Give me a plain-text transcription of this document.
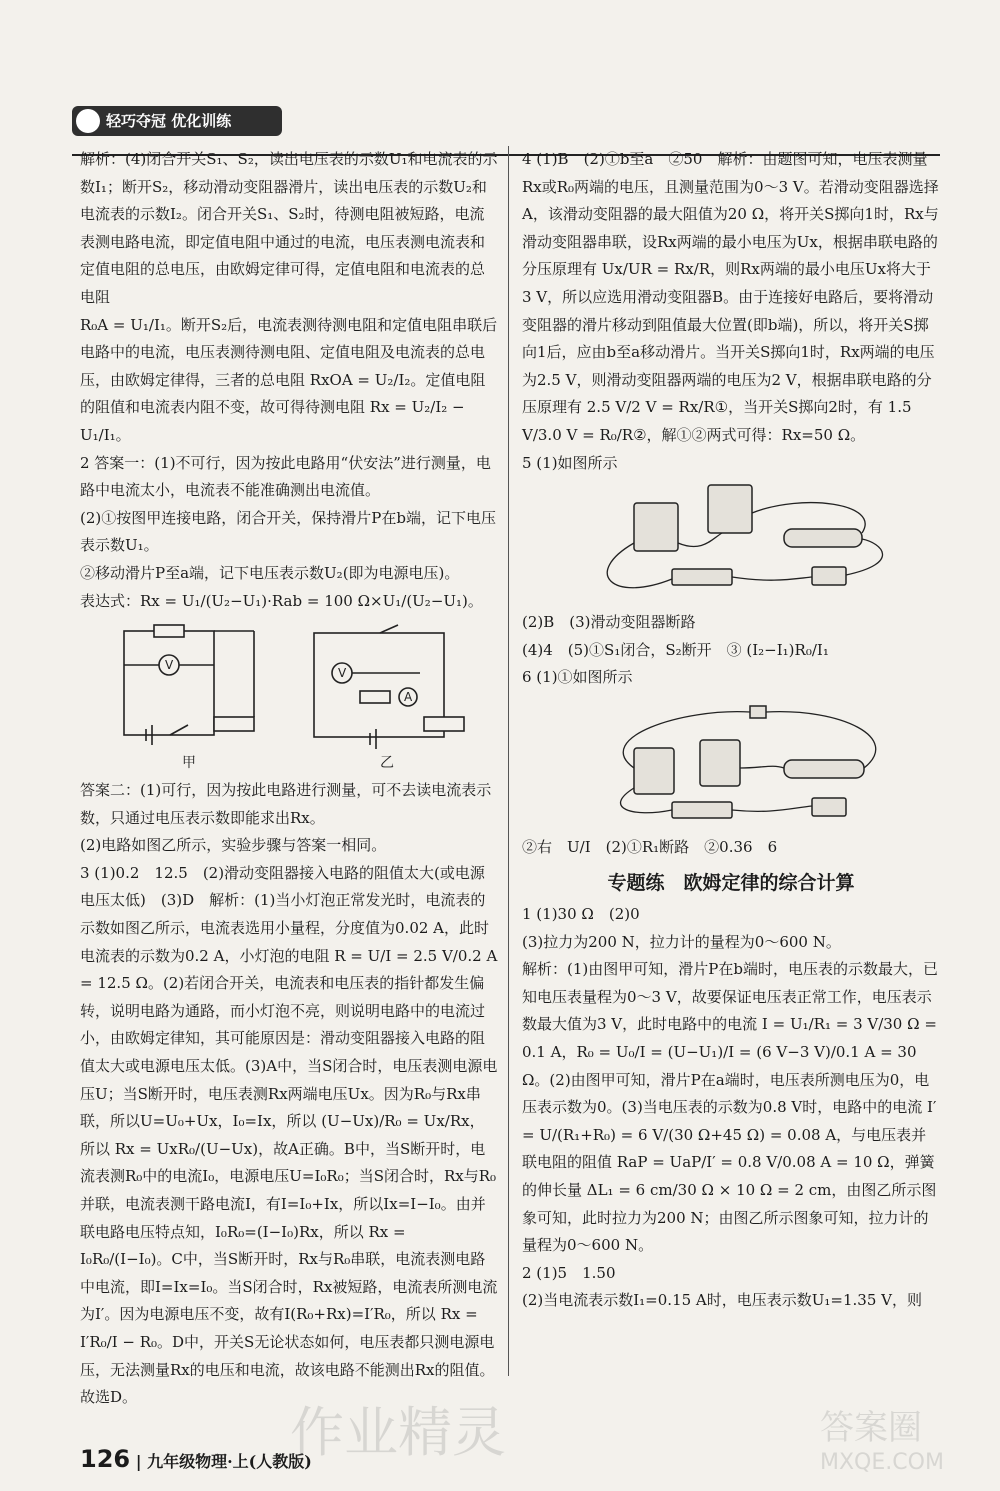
轻巧夺冠 优化训练

解析：(4)闭合开关S₁、S₂，读出电压表的示数U₁和电流表的示数I₁；断开S₂，移动滑动变阻器滑片，读出电压表的示数U₂和电流表的示数I₂。闭合开关S₁、S₂时，待测电阻被短路，电流表测电路电流，即定值电阻中通过的电流，电压表测电流表和定值电阻的总电压，由欧姆定律可得，定值电阻和电流表的总电阻

R₀A = U₁/I₁。断开S₂后，电流表测待测电阻和定值电阻串联后电路中的电流，电压表测待测电阻、定值电阻及电流表的总电压，由欧姆定律得，三者的总电阻 RxOA = U₂/I₂。定值电阻的阻值和电流表内阻不变，故可得待测电阻 Rx = U₂/I₂ − U₁/I₁。

2 答案一：(1)不可行，因为按此电路用“伏安法”进行测量，电路中电流太小，电流表不能准确测出电流值。

(2)①按图甲连接电路，闭合开关，保持滑片P在b端，记下电压表示数U₁。

②移动滑片P至a端，记下电压表示数U₂(即为电源电压)。

表达式：Rx = U₁/(U₂−U₁)·Rab = 100 Ω×U₁/(U₂−U₁)。

V
V
A
甲	乙

答案二：(1)可行，因为按此电路进行测量，可不去读电流表示数，只通过电压表示数即能求出Rx。

(2)电路如图乙所示，实验步骤与答案一相同。

3 (1)0.2　12.5　(2)滑动变阻器接入电路的阻值太大(或电源电压太低)　(3)D　解析：(1)当小灯泡正常发光时，电流表的示数如图乙所示，电流表选用小量程，分度值为0.02 A，此时电流表的示数为0.2 A，小灯泡的电阻 R = U/I = 2.5 V/0.2 A = 12.5 Ω。(2)若闭合开关，电流表和电压表的指针都发生偏转，说明电路为通路，而小灯泡不亮，则说明电路中的电流过小，由欧姆定律知，其可能原因是：滑动变阻器接入电路的阻值太大或电源电压太低。(3)A中，当S闭合时，电压表测电源电压U；当S断开时，电压表测Rx两端电压Ux。因为R₀与Rx串联，所以U=U₀+Ux，I₀=Ix，所以 (U−Ux)/R₀ = Ux/Rx，所以 Rx = UxR₀/(U−Ux)，故A正确。B中，当S断开时，电流表测R₀中的电流I₀，电源电压U=I₀R₀；当S闭合时，Rx与R₀并联，电流表测干路电流I，有I=I₀+Ix，所以Ix=I−I₀。由并联电路电压特点知，I₀R₀=(I−I₀)Rx，所以 Rx = I₀R₀/(I−I₀)。C中，当S断开时，Rx与R₀串联，电流表测电路中电流，即I=Ix=I₀。当S闭合时，Rx被短路，电流表所测电流为I′。因为电源电压不变，故有I(R₀+Rx)=I′R₀，所以 Rx = I′R₀/I − R₀。D中，开关S无论状态如何，电压表都只测电源电压，无法测量Rx的电压和电流，故该电路不能测出Rx的阻值。故选D。

4 (1)B　(2)①b至a　②50　解析：由题图可知，电压表测量Rx或R₀两端的电压，且测量范围为0～3 V。若滑动变阻器选择A，该滑动变阻器的最大阻值为20 Ω，将开关S掷向1时，Rx与滑动变阻器串联，设Rx两端的最小电压为Ux，根据串联电路的分压原理有 Ux/UR = Rx/R，则Rx两端的最小电压Ux将大于3 V，所以应选用滑动变阻器B。由于连接好电路后，要将滑动变阻器的滑片移动到阻值最大位置(即b端)，所以，将开关S掷向1后，应由b至a移动滑片。当开关S掷向1时，Rx两端的电压为2.5 V，则滑动变阻器两端的电压为2 V，根据串联电路的分压原理有 2.5 V/2 V = Rx/R①，当开关S掷向2时，有 1.5 V/3.0 V = R₀/R②，解①②两式可得：Rx=50 Ω。

5 (1)如图所示

(2)B　(3)滑动变阻器断路

(4)4　(5)①S₁闭合，S₂断开　③ (I₂−I₁)R₀/I₁

6 (1)①如图所示

②右　U/I　(2)①R₁断路　②0.36　6

专题练　欧姆定律的综合计算

1 (1)30 Ω　(2)0

(3)拉力为200 N，拉力计的量程为0～600 N。

解析：(1)由图甲可知，滑片P在b端时，电压表的示数最大，已知电压表量程为0～3 V，故要保证电压表正常工作，电压表示数最大值为3 V，此时电路中的电流 I = U₁/R₁ = 3 V/30 Ω = 0.1 A，R₀ = U₀/I = (U−U₁)/I = (6 V−3 V)/0.1 A = 30 Ω。(2)由图甲可知，滑片P在a端时，电压表所测电压为0，电压表示数为0。(3)当电压表的示数为0.8 V时，电路中的电流 I′ = U/(R₁+R₀) = 6 V/(30 Ω+45 Ω) = 0.08 A，与电压表并联电阻的阻值 RaP = UaP/I′ = 0.8 V/0.08 A = 10 Ω，弹簧的伸长量 ΔL₁ = 6 cm/30 Ω × 10 Ω = 2 cm，由图乙所示图象可知，此时拉力为200 N；由图乙所示图象可知，拉力计的量程为0～600 N。

2 (1)5　1.50

(2)当电流表示数I₁=0.15 A时，电压表示数U₁=1.35 V，则

126 | 九年级物理·上(人教版)
作业精灵	答案圈
MXQE.COM
